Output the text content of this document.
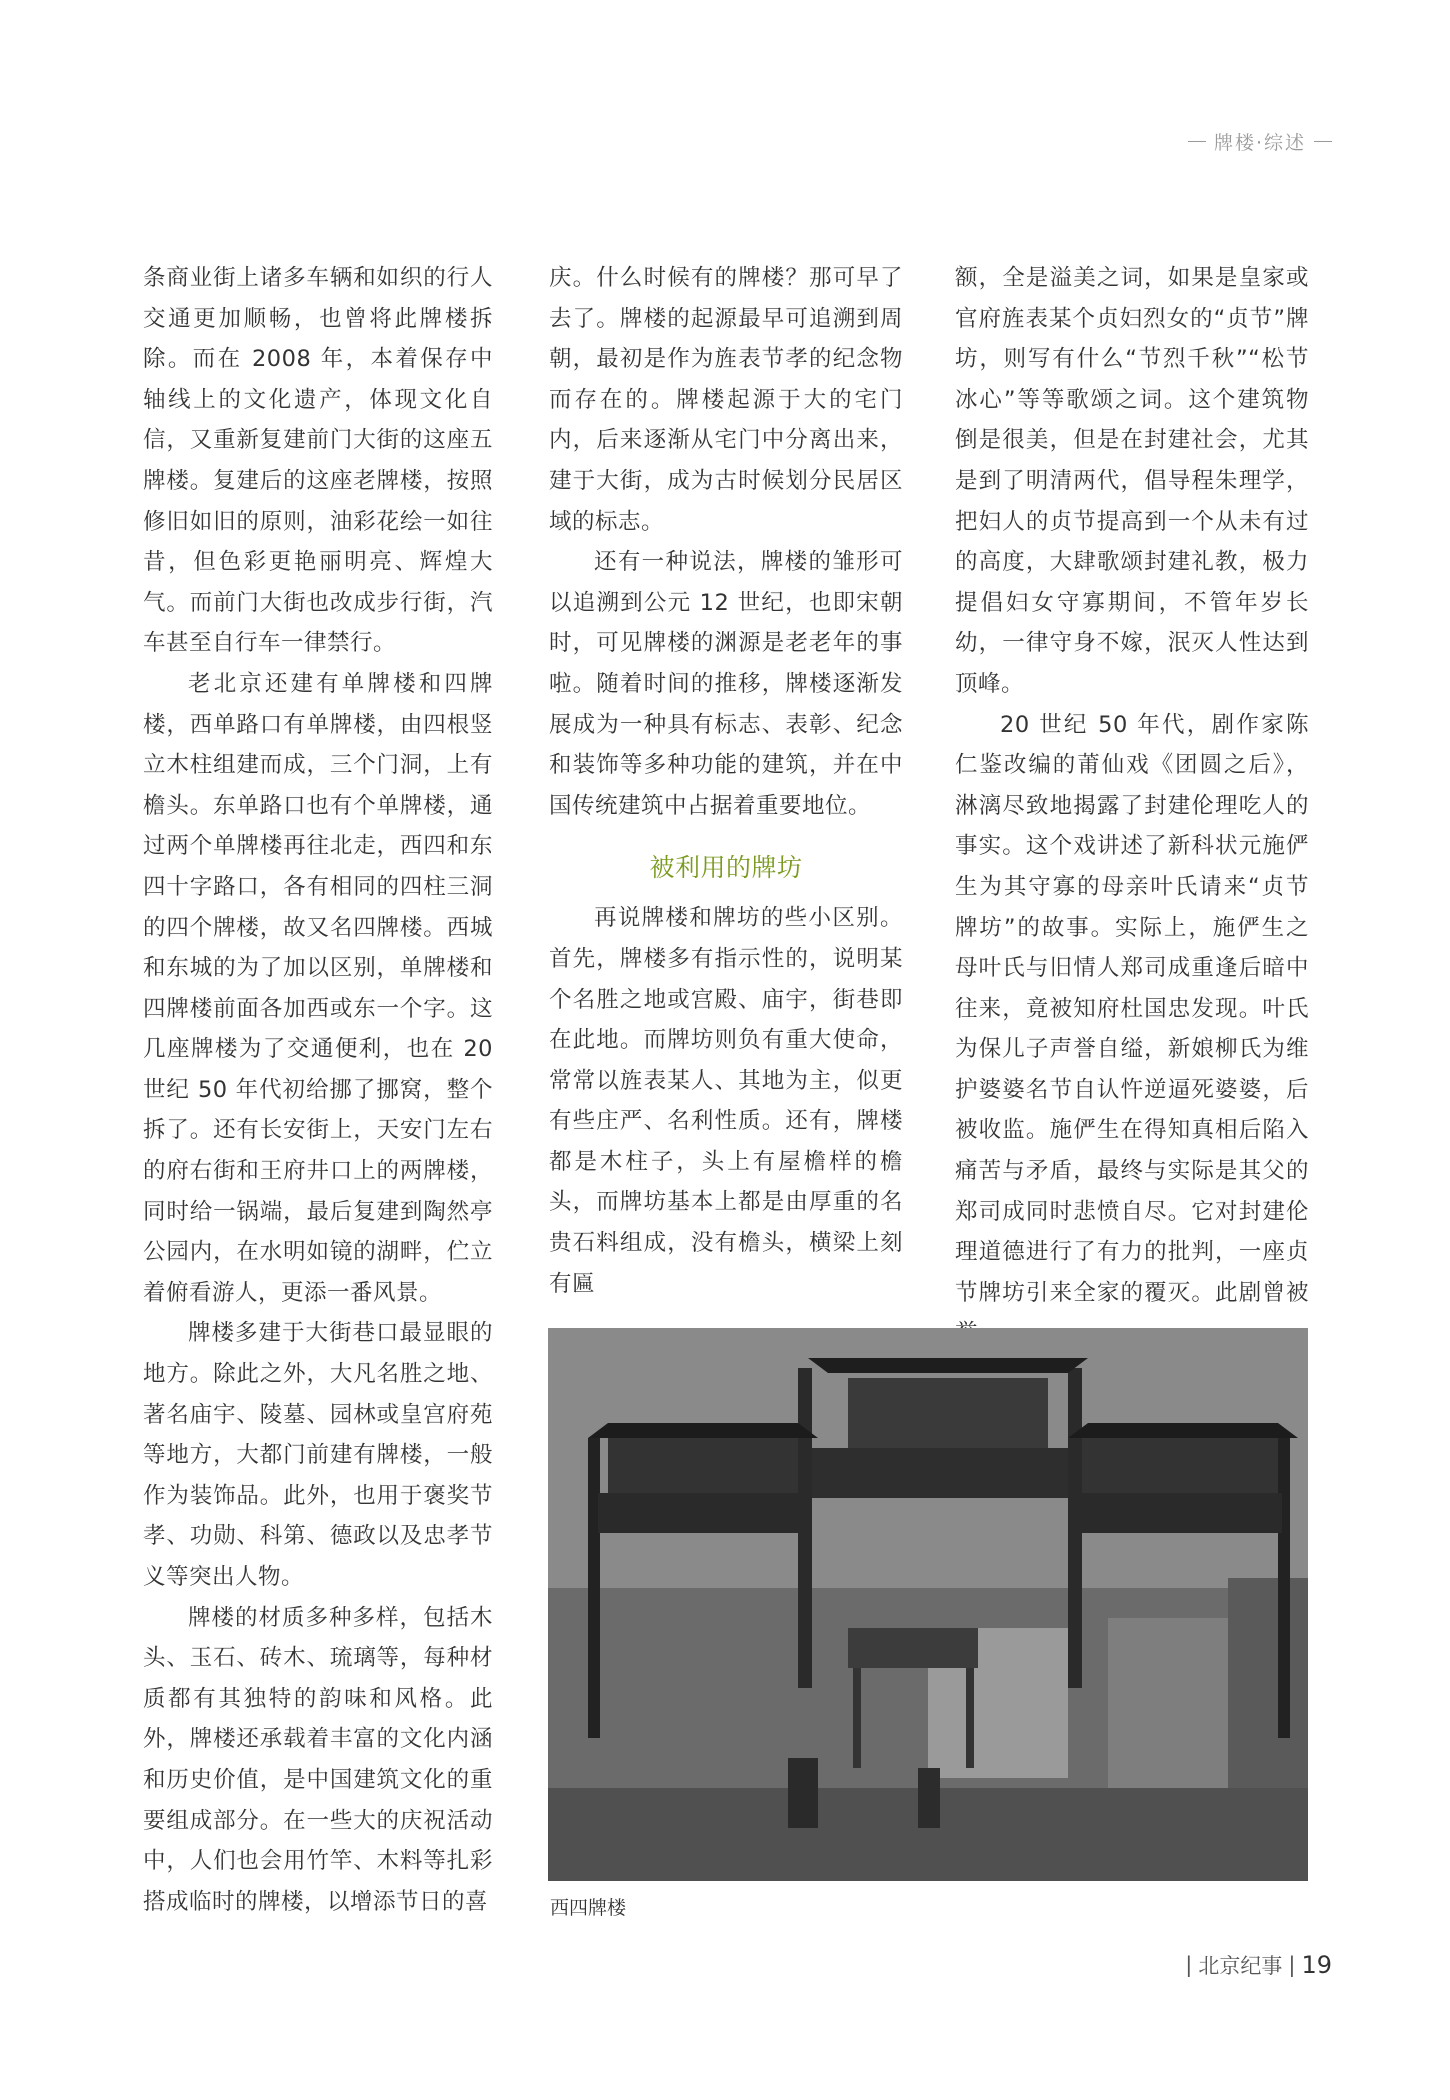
牌楼·综述

条商业街上诸多车辆和如织的行人交通更加顺畅，也曾将此牌楼拆除。而在 2008 年，本着保存中轴线上的文化遗产，体现文化自信，又重新复建前门大街的这座五牌楼。复建后的这座老牌楼，按照修旧如旧的原则，油彩花绘一如往昔，但色彩更艳丽明亮、辉煌大气。而前门大街也改成步行街，汽车甚至自行车一律禁行。

老北京还建有单牌楼和四牌楼，西单路口有单牌楼，由四根竖立木柱组建而成，三个门洞，上有檐头。东单路口也有个单牌楼，通过两个单牌楼再往北走，西四和东四十字路口，各有相同的四柱三洞的四个牌楼，故又名四牌楼。西城和东城的为了加以区别，单牌楼和四牌楼前面各加西或东一个字。这几座牌楼为了交通便利，也在 20 世纪 50 年代初给挪了挪窝，整个拆了。还有长安街上，天安门左右的府右街和王府井口上的两牌楼，同时给一锅端，最后复建到陶然亭公园内，在水明如镜的湖畔，伫立着俯看游人，更添一番风景。

牌楼多建于大街巷口最显眼的地方。除此之外，大凡名胜之地、著名庙宇、陵墓、园林或皇宫府苑等地方，大都门前建有牌楼，一般作为装饰品。此外，也用于褒奖节孝、功勋、科第、德政以及忠孝节义等突出人物。

牌楼的材质多种多样，包括木头、玉石、砖木、琉璃等，每种材质都有其独特的韵味和风格。此外，牌楼还承载着丰富的文化内涵和历史价值，是中国建筑文化的重要组成部分。在一些大的庆祝活动中，人们也会用竹竿、木料等扎彩搭成临时的牌楼，以增添节日的喜

庆。什么时候有的牌楼？那可早了去了。牌楼的起源最早可追溯到周朝，最初是作为旌表节孝的纪念物而存在的。牌楼起源于大的宅门内，后来逐渐从宅门中分离出来，建于大街，成为古时候划分民居区域的标志。

还有一种说法，牌楼的雏形可以追溯到公元 12 世纪，也即宋朝时，可见牌楼的渊源是老老年的事啦。随着时间的推移，牌楼逐渐发展成为一种具有标志、表彰、纪念和装饰等多种功能的建筑，并在中国传统建筑中占据着重要地位。

被利用的牌坊

再说牌楼和牌坊的些小区别。首先，牌楼多有指示性的，说明某个名胜之地或宫殿、庙宇，街巷即在此地。而牌坊则负有重大使命，常常以旌表某人、其地为主，似更有些庄严、名利性质。还有，牌楼都是木柱子，头上有屋檐样的檐头，而牌坊基本上都是由厚重的名贵石料组成，没有檐头，横梁上刻有匾

额，全是溢美之词，如果是皇家或官府旌表某个贞妇烈女的“贞节”牌坊，则写有什么“节烈千秋”“松节冰心”等等歌颂之词。这个建筑物倒是很美，但是在封建社会，尤其是到了明清两代，倡导程朱理学，把妇人的贞节提高到一个从未有过的高度，大肆歌颂封建礼教，极力提倡妇女守寡期间，不管年岁长幼，一律守身不嫁，泯灭人性达到顶峰。

20 世纪 50 年代，剧作家陈仁鉴改编的莆仙戏《团圆之后》，淋漓尽致地揭露了封建伦理吃人的事实。这个戏讲述了新科状元施俨生为其守寡的母亲叶氏请来“贞节牌坊”的故事。实际上，施俨生之母叶氏与旧情人郑司成重逢后暗中往来，竟被知府杜国忠发现。叶氏为保儿子声誉自缢，新娘柳氏为维护婆婆名节自认忤逆逼死婆婆，后被收监。施俨生在得知真相后陷入痛苦与矛盾，最终与实际是其父的郑司成同时悲愤自尽。它对封建伦理道德进行了有力的批判，一座贞节牌坊引来全家的覆灭。此剧曾被

西四牌楼
| 北京纪事 | 19
